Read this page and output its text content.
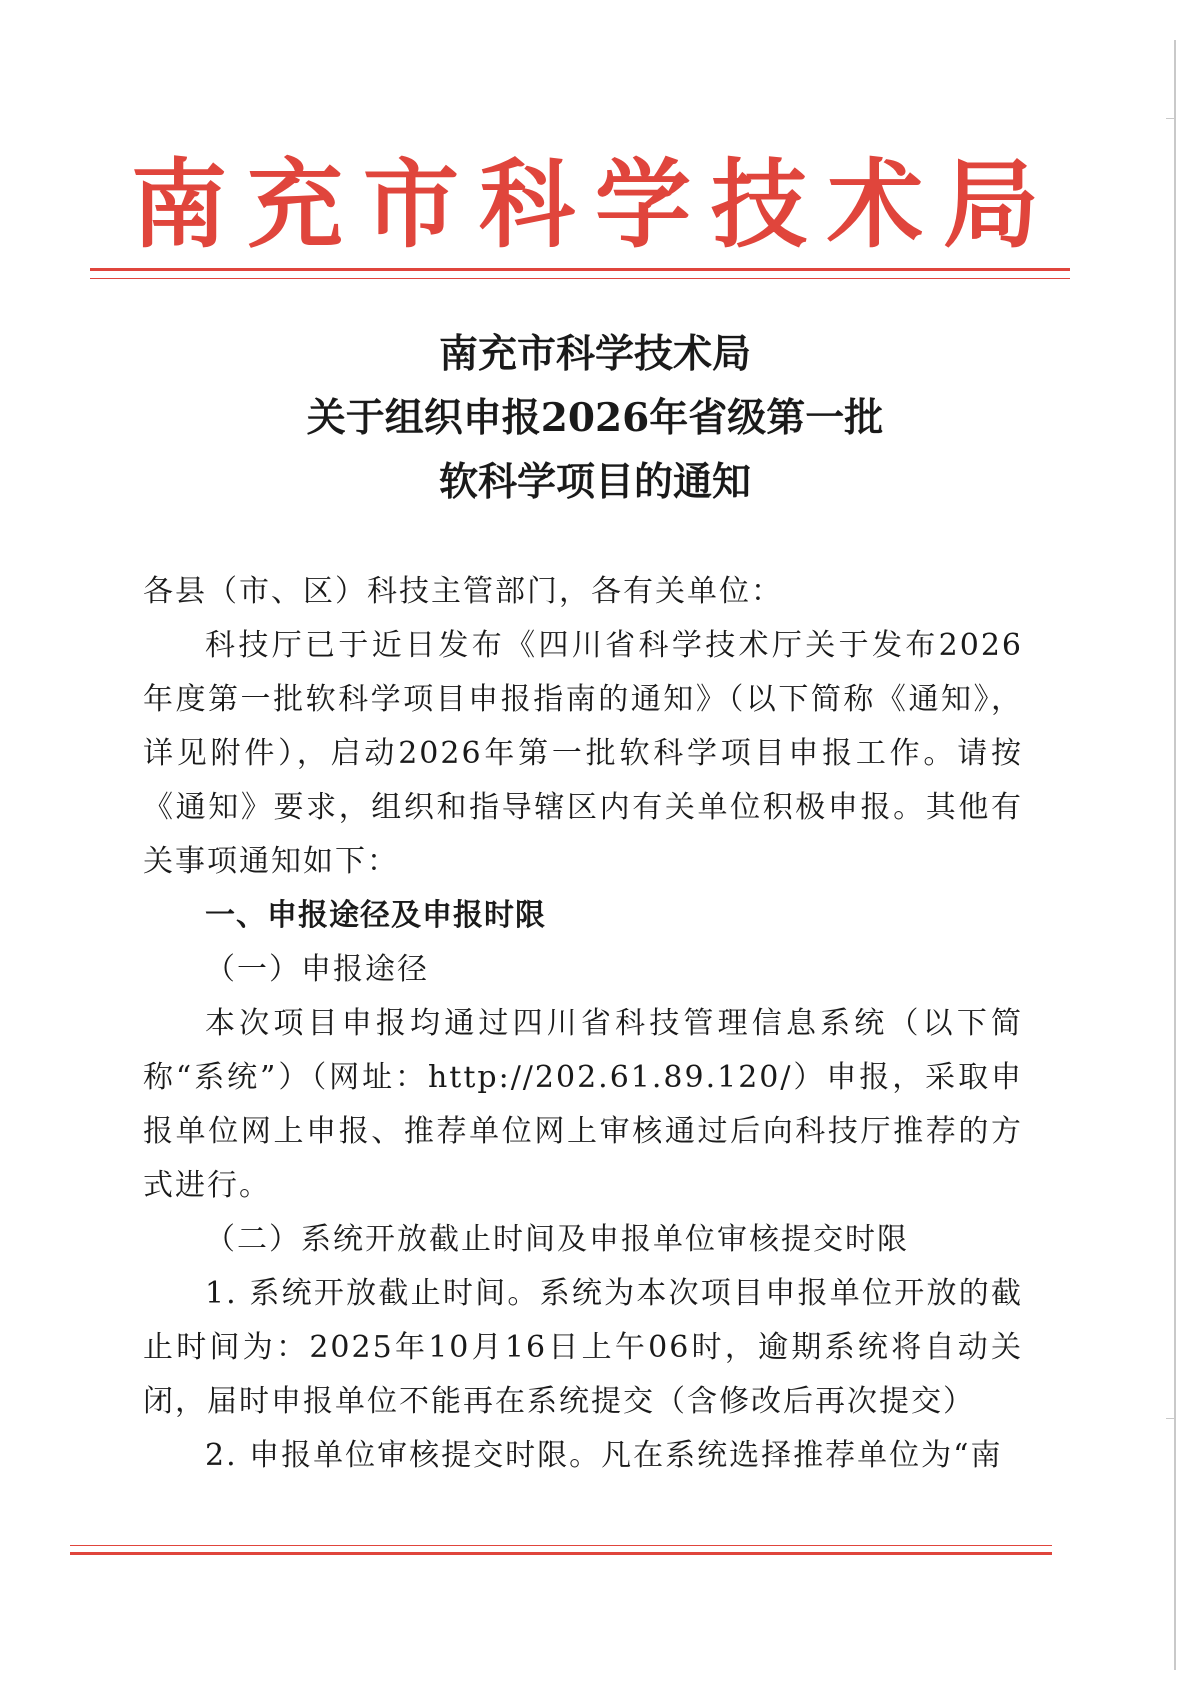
南充市科学技术局
南充市科学技术局
关于组织申报2026年省级第一批
软科学项目的通知

各县（市、区）科技主管部门，各有关单位：

科技厅已于近日发布《四川省科学技术厅关于发布2026年度第一批软科学项目申报指南的通知》（以下简称《通知》，详见附件），启动2026年第一批软科学项目申报工作。请按《通知》要求，组织和指导辖区内有关单位积极申报。其他有关事项通知如下：

一、申报途径及申报时限

（一）申报途径

本次项目申报均通过四川省科技管理信息系统（以下简称“系统”）（网址：http://202.61.89.120/）申报，采取申报单位网上申报、推荐单位网上审核通过后向科技厅推荐的方式进行。

（二）系统开放截止时间及申报单位审核提交时限

1. 系统开放截止时间。系统为本次项目申报单位开放的截止时间为：2025年10月16日上午06时，逾期系统将自动关闭，届时申报单位不能再在系统提交（含修改后再次提交）

2. 申报单位审核提交时限。凡在系统选择推荐单位为“南
